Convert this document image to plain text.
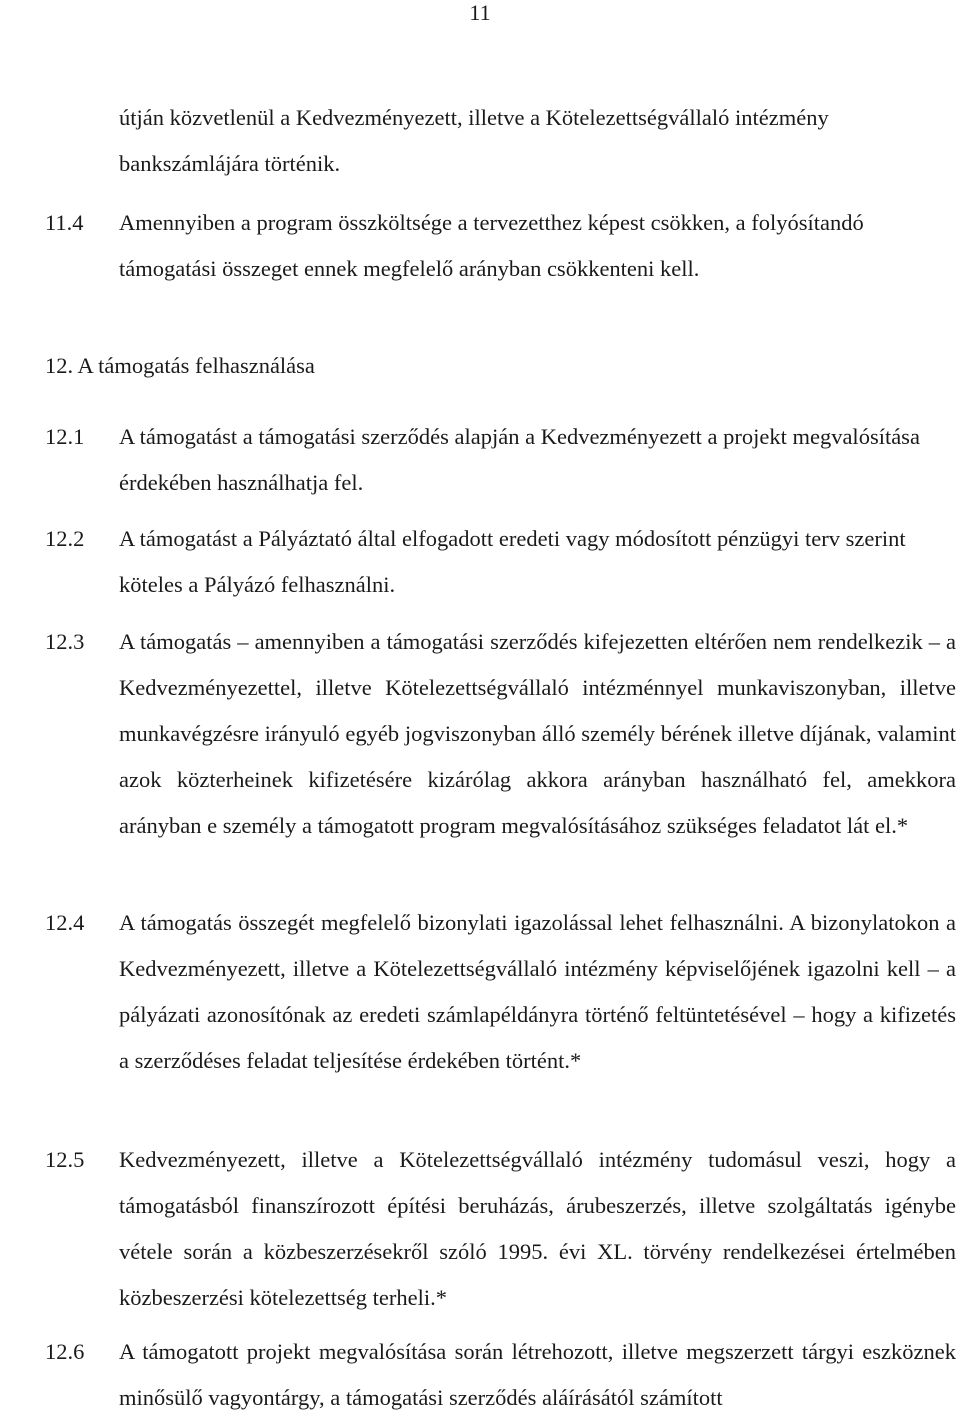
11

útján közvetlenül a Kedvezményezett, illetve a Kötelezettségvállaló intézmény bankszámlájára történik.

11.4	Amennyiben a program összköltsége a tervezetthez képest csökken, a folyósítandó támogatási összeget ennek megfelelő arányban csökkenteni kell.

12. A támogatás felhasználása
12.1	A támogatást a támogatási szerződés alapján a Kedvezményezett a projekt megvalósítása érdekében használhatja fel.

12.2	A támogatást a Pályáztató által elfogadott eredeti vagy módosított pénzügyi terv szerint köteles a Pályázó felhasználni.

12.3	A támogatás – amennyiben a támogatási szerződés kifejezetten eltérően nem rendelkezik – a Kedvezményezettel, illetve Kötelezettségvállaló intézménnyel munkaviszonyban, illetve munkavégzésre irányuló egyéb jogviszonyban álló személy bérének illetve díjának, valamint azok közterheinek kifizetésére kizárólag akkora arányban használható fel, amekkora arányban e személy a támogatott program megvalósításához szükséges feladatot lát el.*

12.4	A támogatás összegét megfelelő bizonylati igazolással lehet felhasználni. A bizonylatokon a Kedvezményezett, illetve a Kötelezettségvállaló intézmény képviselőjének igazolni kell – a pályázati azonosítónak az eredeti számlapéldányra történő feltüntetésével – hogy a kifizetés a szerződéses feladat teljesítése érdekében történt.*

12.5	Kedvezményezett, illetve a Kötelezettségvállaló intézmény tudomásul veszi, hogy a támogatásból finanszírozott építési beruházás, árubeszerzés, illetve szolgáltatás igénybe vétele során a közbeszerzésekről szóló 1995. évi XL. törvény rendelkezései értelmében közbeszerzési kötelezettség terheli.*

12.6	A támogatott projekt megvalósítása során létrehozott, illetve megszerzett tárgyi eszköznek minősülő vagyontárgy, a támogatási szerződés aláírásától számított
